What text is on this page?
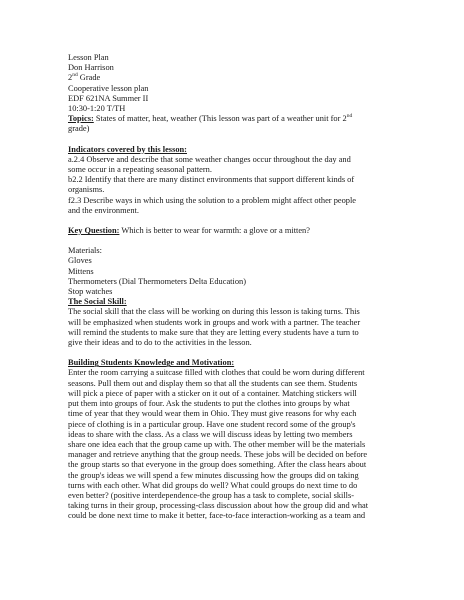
Lesson Plan
Don Harrison
2nd Grade
Cooperative lesson plan
EDF 621NA Summer II
10:30-1:20 T/TH
Topics: States of matter, heat, weather (This lesson was part of a weather unit for 2nd
grade)
Indicators covered by this lesson:
a.2.4 Observe and describe that some weather changes occur throughout the day and
some occur in a repeating seasonal pattern.
b2.2 Identify that there are many distinct environments that support different kinds of
organisms.
f2.3 Describe ways in which using the solution to a problem might affect other people
and the environment.
Key Question: Which is better to wear for warmth: a glove or a mitten?
Materials:
Gloves
Mittens
Thermometers (Dial Thermometers Delta Education)
Stop watches
The Social Skill:
The social skill that the class will be working on during this lesson is taking turns. This
will be emphasized when students work in groups and work with a partner. The teacher
will remind the students to make sure that they are letting every students have a turn to
give their ideas and to do to the activities in the lesson.
Building Students Knowledge and Motivation:
Enter the room carrying a suitcase filled with clothes that could be worn during different
seasons. Pull them out and display them so that all the students can see them. Students
will pick a piece of paper with a sticker on it out of a container. Matching stickers will
put them into groups of four. Ask the students to put the clothes into groups by what
time of year that they would wear them in Ohio. They must give reasons for why each
piece of clothing is in a particular group. Have one student record some of the group's
ideas to share with the class. As a class we will discuss ideas by letting two members
share one idea each that the group came up with. The other member will be the materials
manager and retrieve anything that the group needs. These jobs will be decided on before
the group starts so that everyone in the group does something. After the class hears about
the group's ideas we will spend a few minutes discussing how the groups did on taking
turns with each other. What did groups do well? What could groups do next time to do
even better? (positive interdependence-the group has a task to complete, social skills-
taking turns in their group, processing-class discussion about how the group did and what
could be done next time to make it better, face-to-face interaction-working as a team and
